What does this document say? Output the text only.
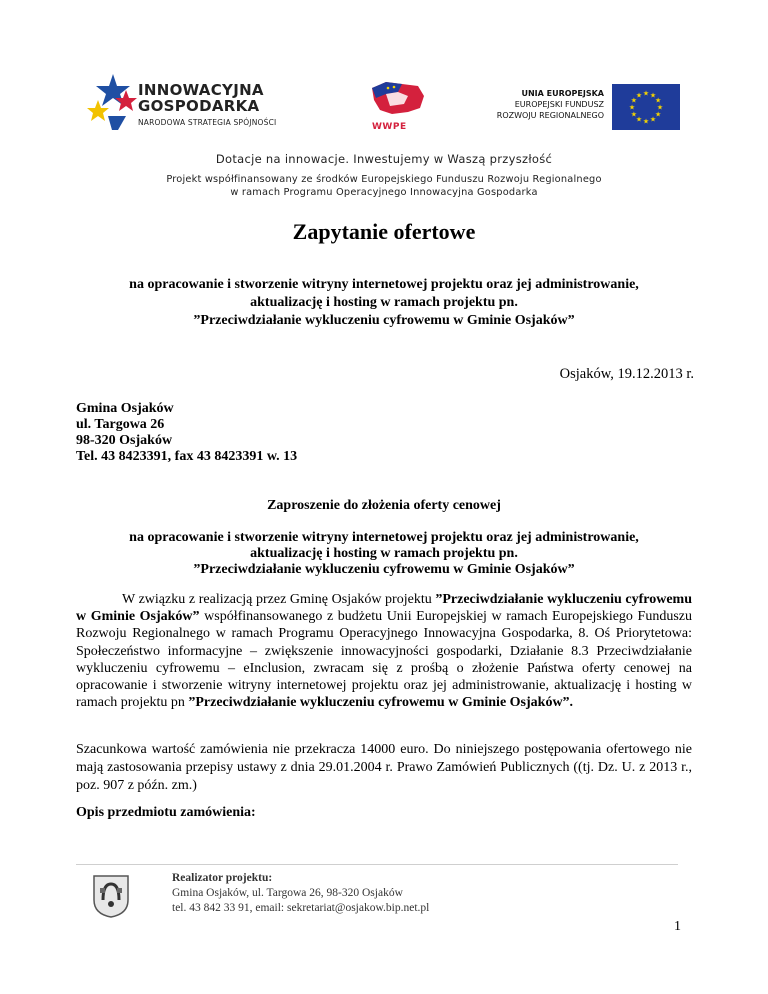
INNOWACYJNA
GOSPODARKA
NARODOWA STRATEGIA SPÓJNOŚCI	WWPE
UNIA EUROPEJSKA
EUROPEJSKI FUNDUSZ
ROZWOJU REGIONALNEGO
★
★
★
★
★
★
★
★
★ ★ ★
★
Dotacje na innowacje. Inwestujemy w Waszą przyszłość
Projekt współfinansowany ze środków Europejskiego Funduszu Rozwoju Regionalnego
w ramach Programu Operacyjnego Innowacyjna Gospodarka
Zapytanie ofertowe
na opracowanie i stworzenie witryny internetowej projektu oraz jej administrowanie,
aktualizację i hosting w ramach projektu pn.
”Przeciwdziałanie wykluczeniu cyfrowemu w Gminie Osjaków”
Osjaków, 19.12.2013 r.
Gmina Osjaków
ul. Targowa 26
98-320 Osjaków
Tel. 43 8423391, fax 43 8423391 w. 13
Zaproszenie do złożenia oferty cenowej
na opracowanie i stworzenie witryny internetowej projektu oraz jej administrowanie,
aktualizację i hosting w ramach projektu pn.
”Przeciwdziałanie wykluczeniu cyfrowemu w Gminie Osjaków”
W związku z realizacją przez Gminę Osjaków projektu ”Przeciwdziałanie wykluczeniu cyfrowemu w Gminie Osjaków” współfinansowanego z budżetu Unii Europejskiej w ramach Europejskiego Funduszu Rozwoju Regionalnego w ramach Programu Operacyjnego Innowacyjna Gospodarka, 8. Oś Priorytetowa: Społeczeństwo informacyjne – zwiększenie innowacyjności gospodarki, Działanie 8.3 Przeciwdziałanie wykluczeniu cyfrowemu – eInclusion, zwracam się z prośbą o złożenie Państwa oferty cenowej na opracowanie i stworzenie witryny internetowej projektu oraz jej administrowanie, aktualizację i hosting w ramach projektu pn ”Przeciwdziałanie wykluczeniu cyfrowemu w Gminie Osjaków”.
Szacunkowa wartość zamówienia nie przekracza 14000 euro. Do niniejszego postępowania ofertowego nie mają zastosowania przepisy ustawy z dnia 29.01.2004 r. Prawo Zamówień Publicznych ((tj. Dz. U. z 2013 r., poz. 907 z późn. zm.)
Opis przedmiotu zamówienia:
Realizator projektu:
Gmina Osjaków, ul. Targowa 26, 98-320 Osjaków
tel. 43 842 33 91, email: sekretariat@osjakow.bip.net.pl
1
